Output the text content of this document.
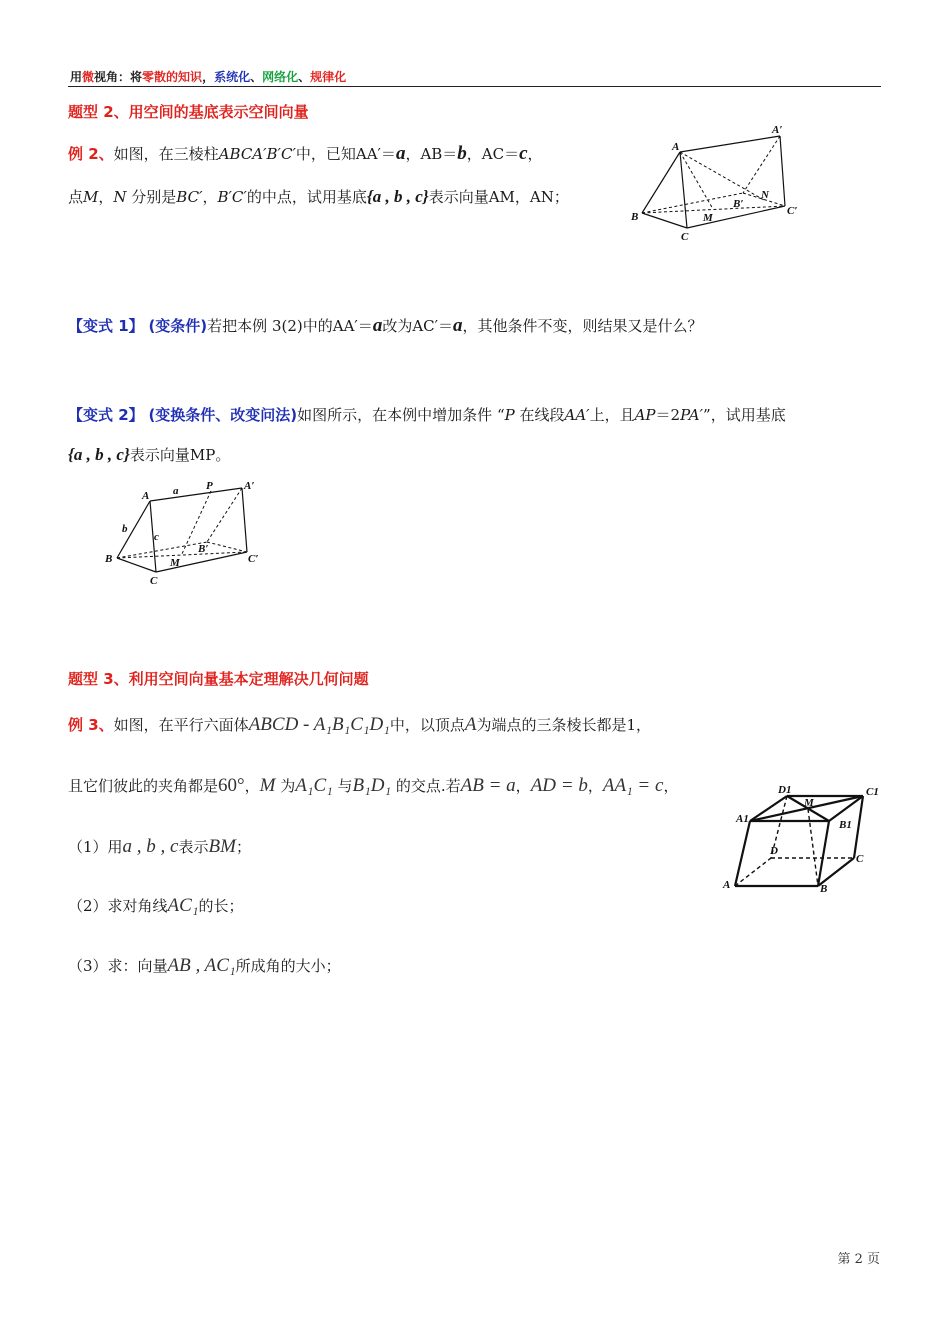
用微视角：将零散的知识，系统化、网络化、规律化
题型 2、用空间的基底表示空间向量
例 2、如图，在三棱柱ABCA′B′C′中，已知AA′＝a，AB＝b，AC＝c，
点M，N 分别是BC′，B′C′的中点，试用基底{a , b , c}表示向量AM，AN；
A
A′
B
B′
C
C′
M
N
【变式 1】 (变条件)若把本例 3(2)中的AA′＝a改为AC′＝a，其他条件不变，则结果又是什么？
【变式 2】 (变换条件、改变问法)如图所示，在本例中增加条件 “P 在线段AA′上，且AP＝2PA′”，试用基底
{a , b , c}表示向量MP。
A
A′
P
a
b
c
B
B′
C
C′
M
题型 3、利用空间向量基本定理解决几何问题
例 3、如图，在平行六面体ABCD - A₁B₁C₁D₁中，以顶点A为端点的三条棱长都是1，
且它们彼此的夹角都是60°，M 为A₁C₁ 与B₁D₁ 的交点.若AB = a，AD = b，AA₁ = c，
（1）用a , b , c表示BM；
（2）求对角线AC₁的长；
（3）求：向量AB , AC₁所成角的大小；
D1	C1
M
A1	B1
D
C
A	B
第 2 页
